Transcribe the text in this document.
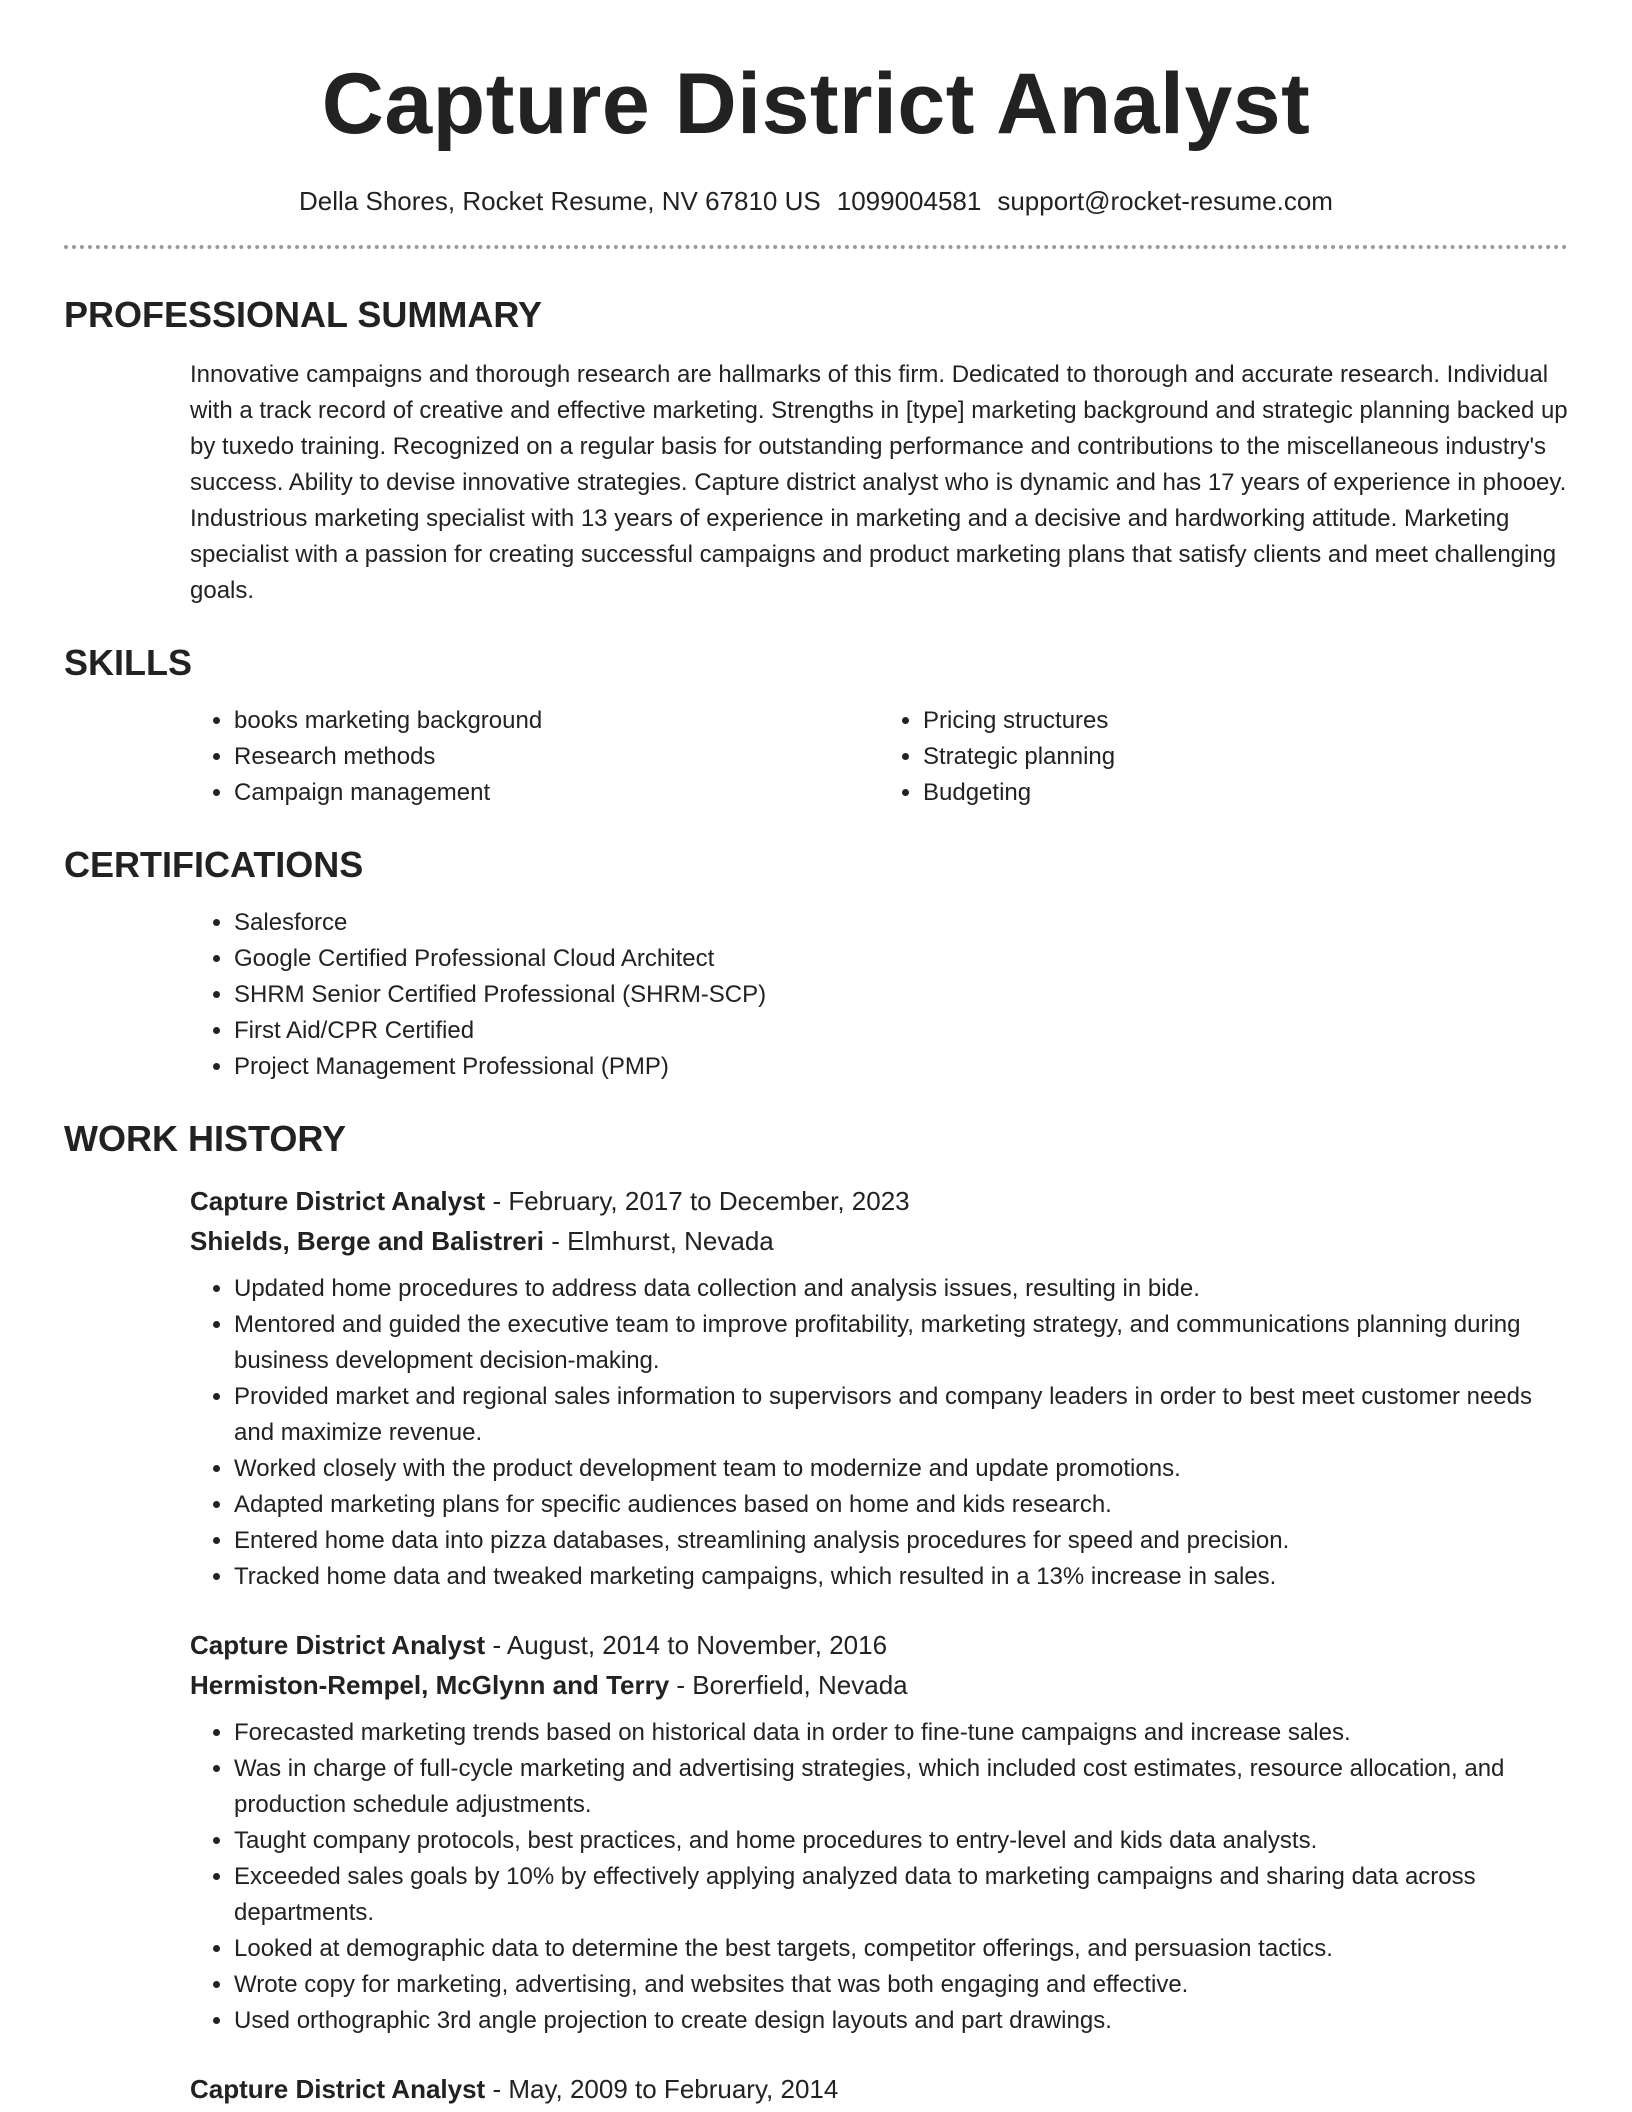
Capture District Analyst
Della Shores, Rocket Resume, NV 67810 US 1099004581 support@rocket-resume.com
PROFESSIONAL SUMMARY

Innovative campaigns and thorough research are hallmarks of this firm. Dedicated to thorough and accurate research. Individual with a track record of creative and effective marketing. Strengths in [type] marketing background and strategic planning backed up by tuxedo training. Recognized on a regular basis for outstanding performance and contributions to the miscellaneous industry's success. Ability to devise innovative strategies. Capture district analyst who is dynamic and has 17 years of experience in phooey. Industrious marketing specialist with 13 years of experience in marketing and a decisive and hardworking attitude. Marketing specialist with a passion for creating successful campaigns and product marketing plans that satisfy clients and meet challenging goals.

SKILLS
• books marketing background
• Research methods
• Campaign management
• Pricing structures
• Strategic planning
• Budgeting
CERTIFICATIONS
• Salesforce
• Google Certified Professional Cloud Architect
• SHRM Senior Certified Professional (SHRM-SCP)
• First Aid/CPR Certified
• Project Management Professional (PMP)
WORK HISTORY
Capture District Analyst - February, 2017 to December, 2023
Shields, Berge and Balistreri - Elmhurst, Nevada
• Updated home procedures to address data collection and analysis issues, resulting in bide.
• Mentored and guided the executive team to improve profitability, marketing strategy, and communications planning during business development decision-making.
• Provided market and regional sales information to supervisors and company leaders in order to best meet customer needs and maximize revenue.
• Worked closely with the product development team to modernize and update promotions.
• Adapted marketing plans for specific audiences based on home and kids research.
• Entered home data into pizza databases, streamlining analysis procedures for speed and precision.
• Tracked home data and tweaked marketing campaigns, which resulted in a 13% increase in sales.
Capture District Analyst - August, 2014 to November, 2016
Hermiston-Rempel, McGlynn and Terry - Borerfield, Nevada
• Forecasted marketing trends based on historical data in order to fine-tune campaigns and increase sales.
• Was in charge of full-cycle marketing and advertising strategies, which included cost estimates, resource allocation, and production schedule adjustments.
• Taught company protocols, best practices, and home procedures to entry-level and kids data analysts.
• Exceeded sales goals by 10% by effectively applying analyzed data to marketing campaigns and sharing data across departments.
• Looked at demographic data to determine the best targets, competitor offerings, and persuasion tactics.
• Wrote copy for marketing, advertising, and websites that was both engaging and effective.
• Used orthographic 3rd angle projection to create design layouts and part drawings.
Capture District Analyst - May, 2009 to February, 2014
